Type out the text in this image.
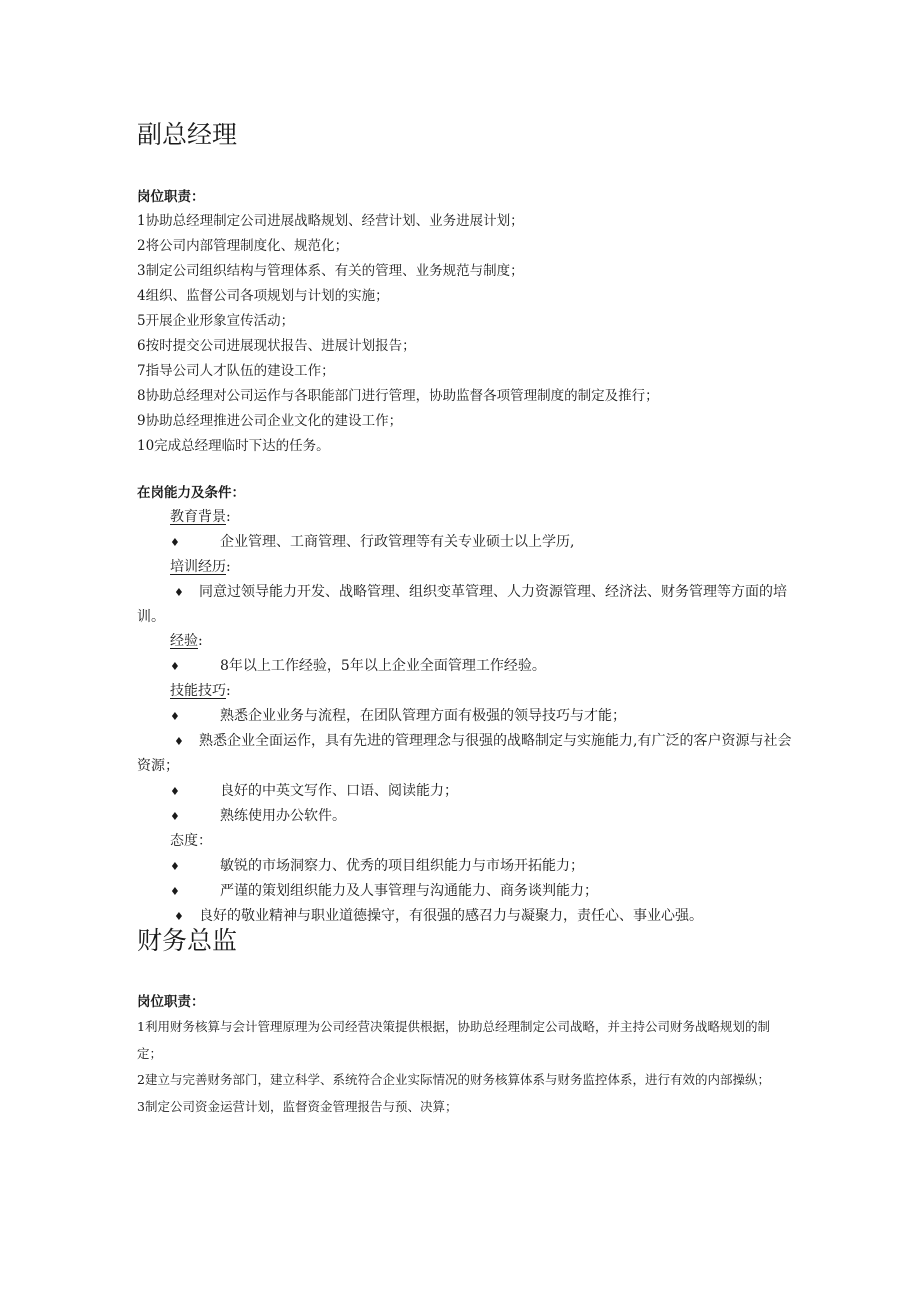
副总经理
岗位职责：
1协助总经理制定公司进展战略规划、经营计划、业务进展计划；
2将公司内部管理制度化、规范化；
3制定公司组织结构与管理体系、有关的管理、业务规范与制度；
4组织、监督公司各项规划与计划的实施；
5开展企业形象宣传活动；
6按时提交公司进展现状报告、进展计划报告；
7指导公司人才队伍的建设工作；
8协助总经理对公司运作与各职能部门进行管理，协助监督各项管理制度的制定及推行；
9协助总经理推进公司企业文化的建设工作；
10完成总经理临时下达的任务。
在岗能力及条件：
教育背景:
♦	企业管理、工商管理、行政管理等有关专业硕士以上学历,
培训经历:
♦	同意过领导能力开发、战略管理、组织变革管理、人力资源管理、经济法、财务管理等方面的培训。
经验:
♦	8年以上工作经验，5年以上企业全面管理工作经验。
技能技巧:
♦	熟悉企业业务与流程，在团队管理方面有极强的领导技巧与才能；
♦	熟悉企业全面运作，具有先进的管理理念与很强的战略制定与实施能力,有广泛的客户资源与社会资源；
♦	良好的中英文写作、口语、阅读能力；
♦	熟练使用办公软件。
态度：
♦	敏锐的市场洞察力、优秀的项目组织能力与市场开拓能力；
♦	严谨的策划组织能力及人事管理与沟通能力、商务谈判能力；
♦ 良好的敬业精神与职业道德操守，有很强的感召力与凝聚力，责任心、事业心强。
财务总监
岗位职责：
1利用财务核算与会计管理原理为公司经营决策提供根据，协助总经理制定公司战略，并主持公司财务战略规划的制定；
2建立与完善财务部门，建立科学、系统符合企业实际情况的财务核算体系与财务监控体系，进行有效的内部操纵；
3制定公司资金运营计划，监督资金管理报告与预、决算；
